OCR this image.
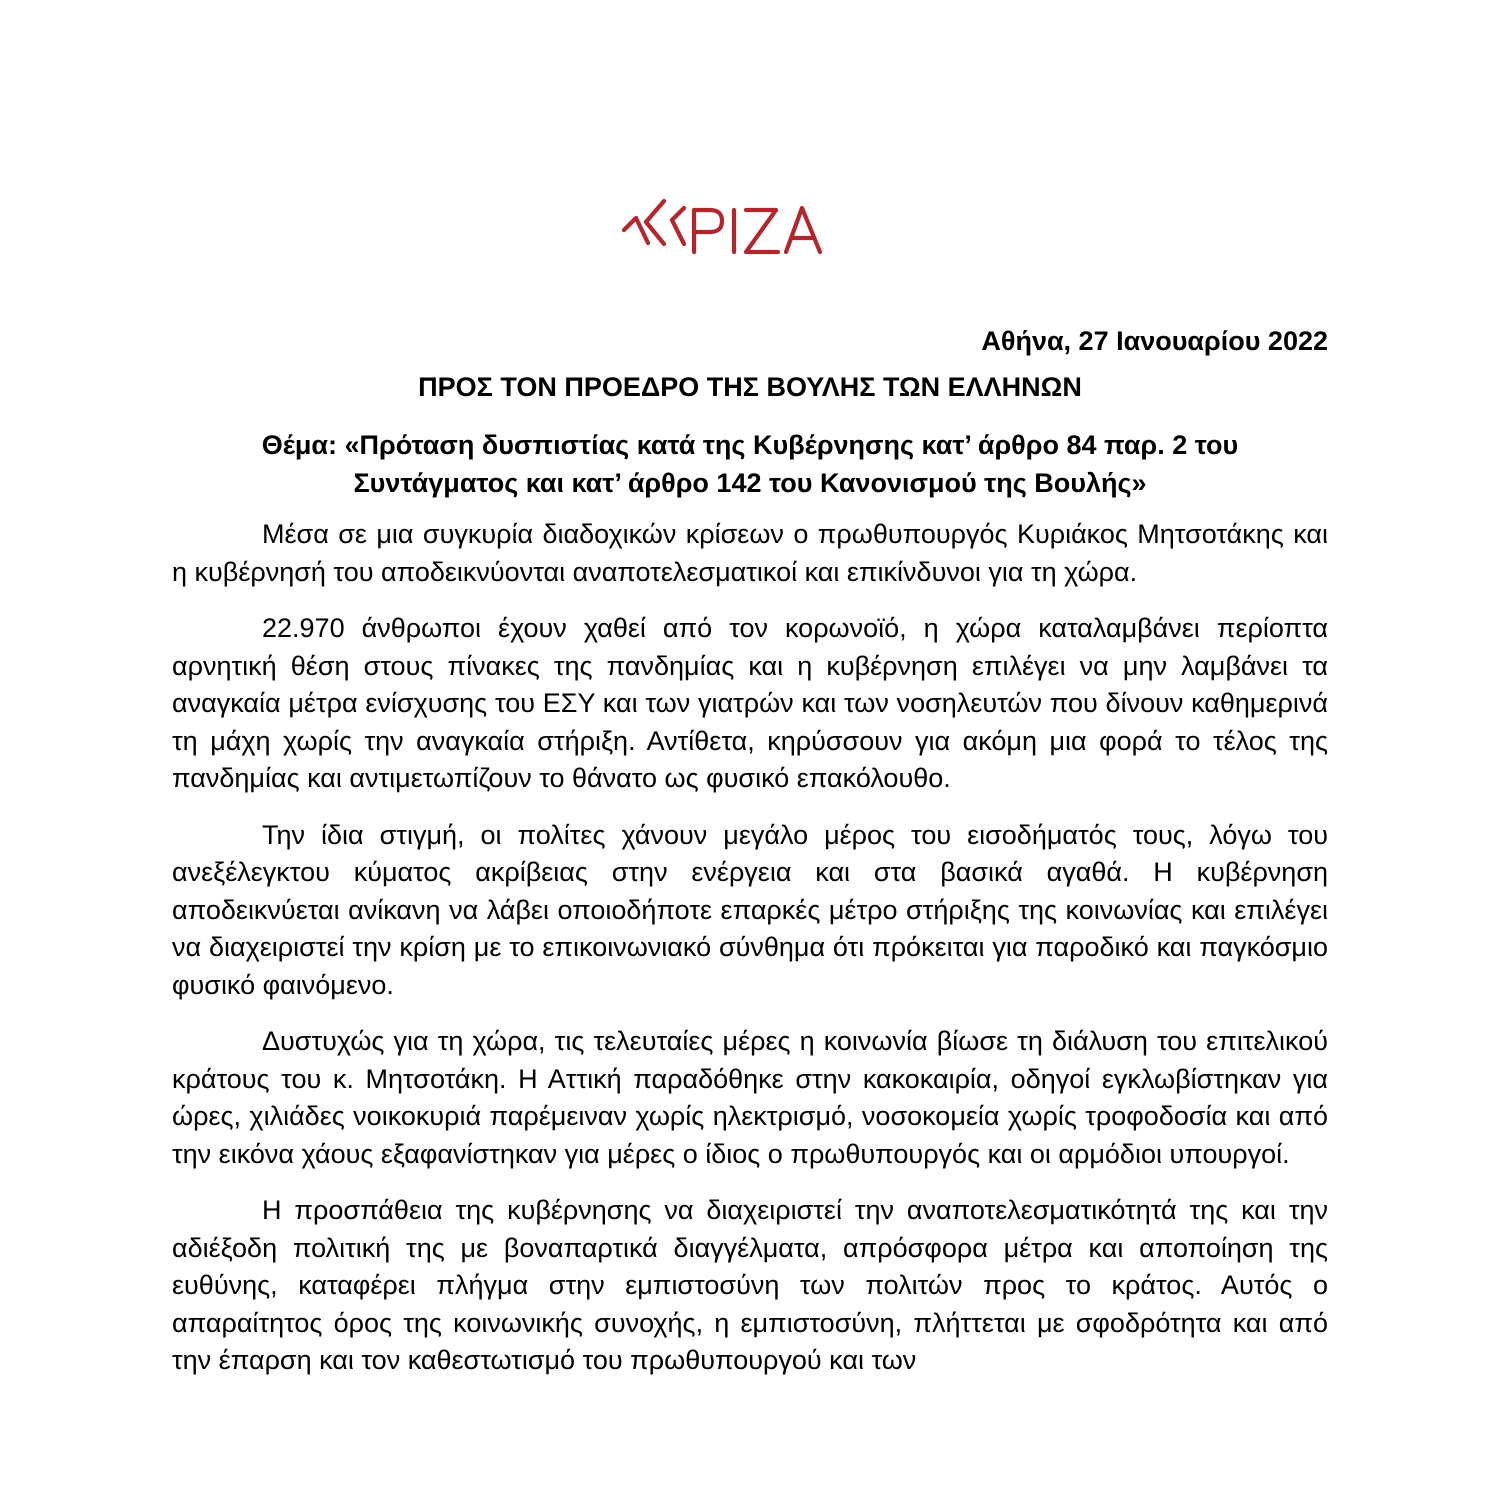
Αθήνα, 27 Ιανουαρίου 2022
ΠΡΟΣ ΤΟΝ ΠΡΟΕΔΡΟ ΤΗΣ ΒΟΥΛΗΣ ΤΩΝ ΕΛΛΗΝΩΝ
Θέμα: «Πρόταση δυσπιστίας κατά της Κυβέρνησης κατ’ άρθρο 84 παρ. 2 του
Συντάγματος και κατ’ άρθρο 142 του Κανονισμού της Βουλής»

Μέσα σε μια συγκυρία διαδοχικών κρίσεων ο πρωθυπουργός Κυριάκος Μητσοτάκης και η κυβέρνησή του αποδεικνύονται αναποτελεσματικοί και επικίνδυνοι για τη χώρα.

22.970 άνθρωποι έχουν χαθεί από τον κορωνοϊό, η χώρα καταλαμβάνει περίοπτα αρνητική θέση στους πίνακες της πανδημίας και η κυβέρνηση επιλέγει να μην λαμβάνει τα αναγκαία μέτρα ενίσχυσης του ΕΣΥ και των γιατρών και των νοσηλευτών που δίνουν καθημερινά τη μάχη χωρίς την αναγκαία στήριξη. Αντίθετα, κηρύσσουν για ακόμη μια φορά το τέλος της πανδημίας και αντιμετωπίζουν το θάνατο ως φυσικό επακόλουθο.

Την ίδια στιγμή, οι πολίτες χάνουν μεγάλο μέρος του εισοδήματός τους, λόγω του ανεξέλεγκτου κύματος ακρίβειας στην ενέργεια και στα βασικά αγαθά. Η κυβέρνηση αποδεικνύεται ανίκανη να λάβει οποιοδήποτε επαρκές μέτρο στήριξης της κοινωνίας και επιλέγει να διαχειριστεί την κρίση με το επικοινωνιακό σύνθημα ότι πρόκειται για παροδικό και παγκόσμιο φυσικό φαινόμενο.

Δυστυχώς για τη χώρα, τις τελευταίες μέρες η κοινωνία βίωσε τη διάλυση του επιτελικού κράτους του κ. Μητσοτάκη. Η Αττική παραδόθηκε στην κακοκαιρία, οδηγοί εγκλωβίστηκαν για ώρες, χιλιάδες νοικοκυριά παρέμειναν χωρίς ηλεκτρισμό, νοσοκομεία χωρίς τροφοδοσία και από την εικόνα χάους εξαφανίστηκαν για μέρες ο ίδιος ο πρωθυπουργός και οι αρμόδιοι υπουργοί.

Η προσπάθεια της κυβέρνησης να διαχειριστεί την αναποτελεσματικότητά της και την αδιέξοδη πολιτική της με βοναπαρτικά διαγγέλματα, απρόσφορα μέτρα και αποποίηση της ευθύνης, καταφέρει πλήγμα στην εμπιστοσύνη των πολιτών προς το κράτος. Αυτός ο απαραίτητος όρος της κοινωνικής συνοχής, η εμπιστοσύνη, πλήττεται με σφοδρότητα και από την έπαρση και τον καθεστωτισμό του πρωθυπουργού και των
